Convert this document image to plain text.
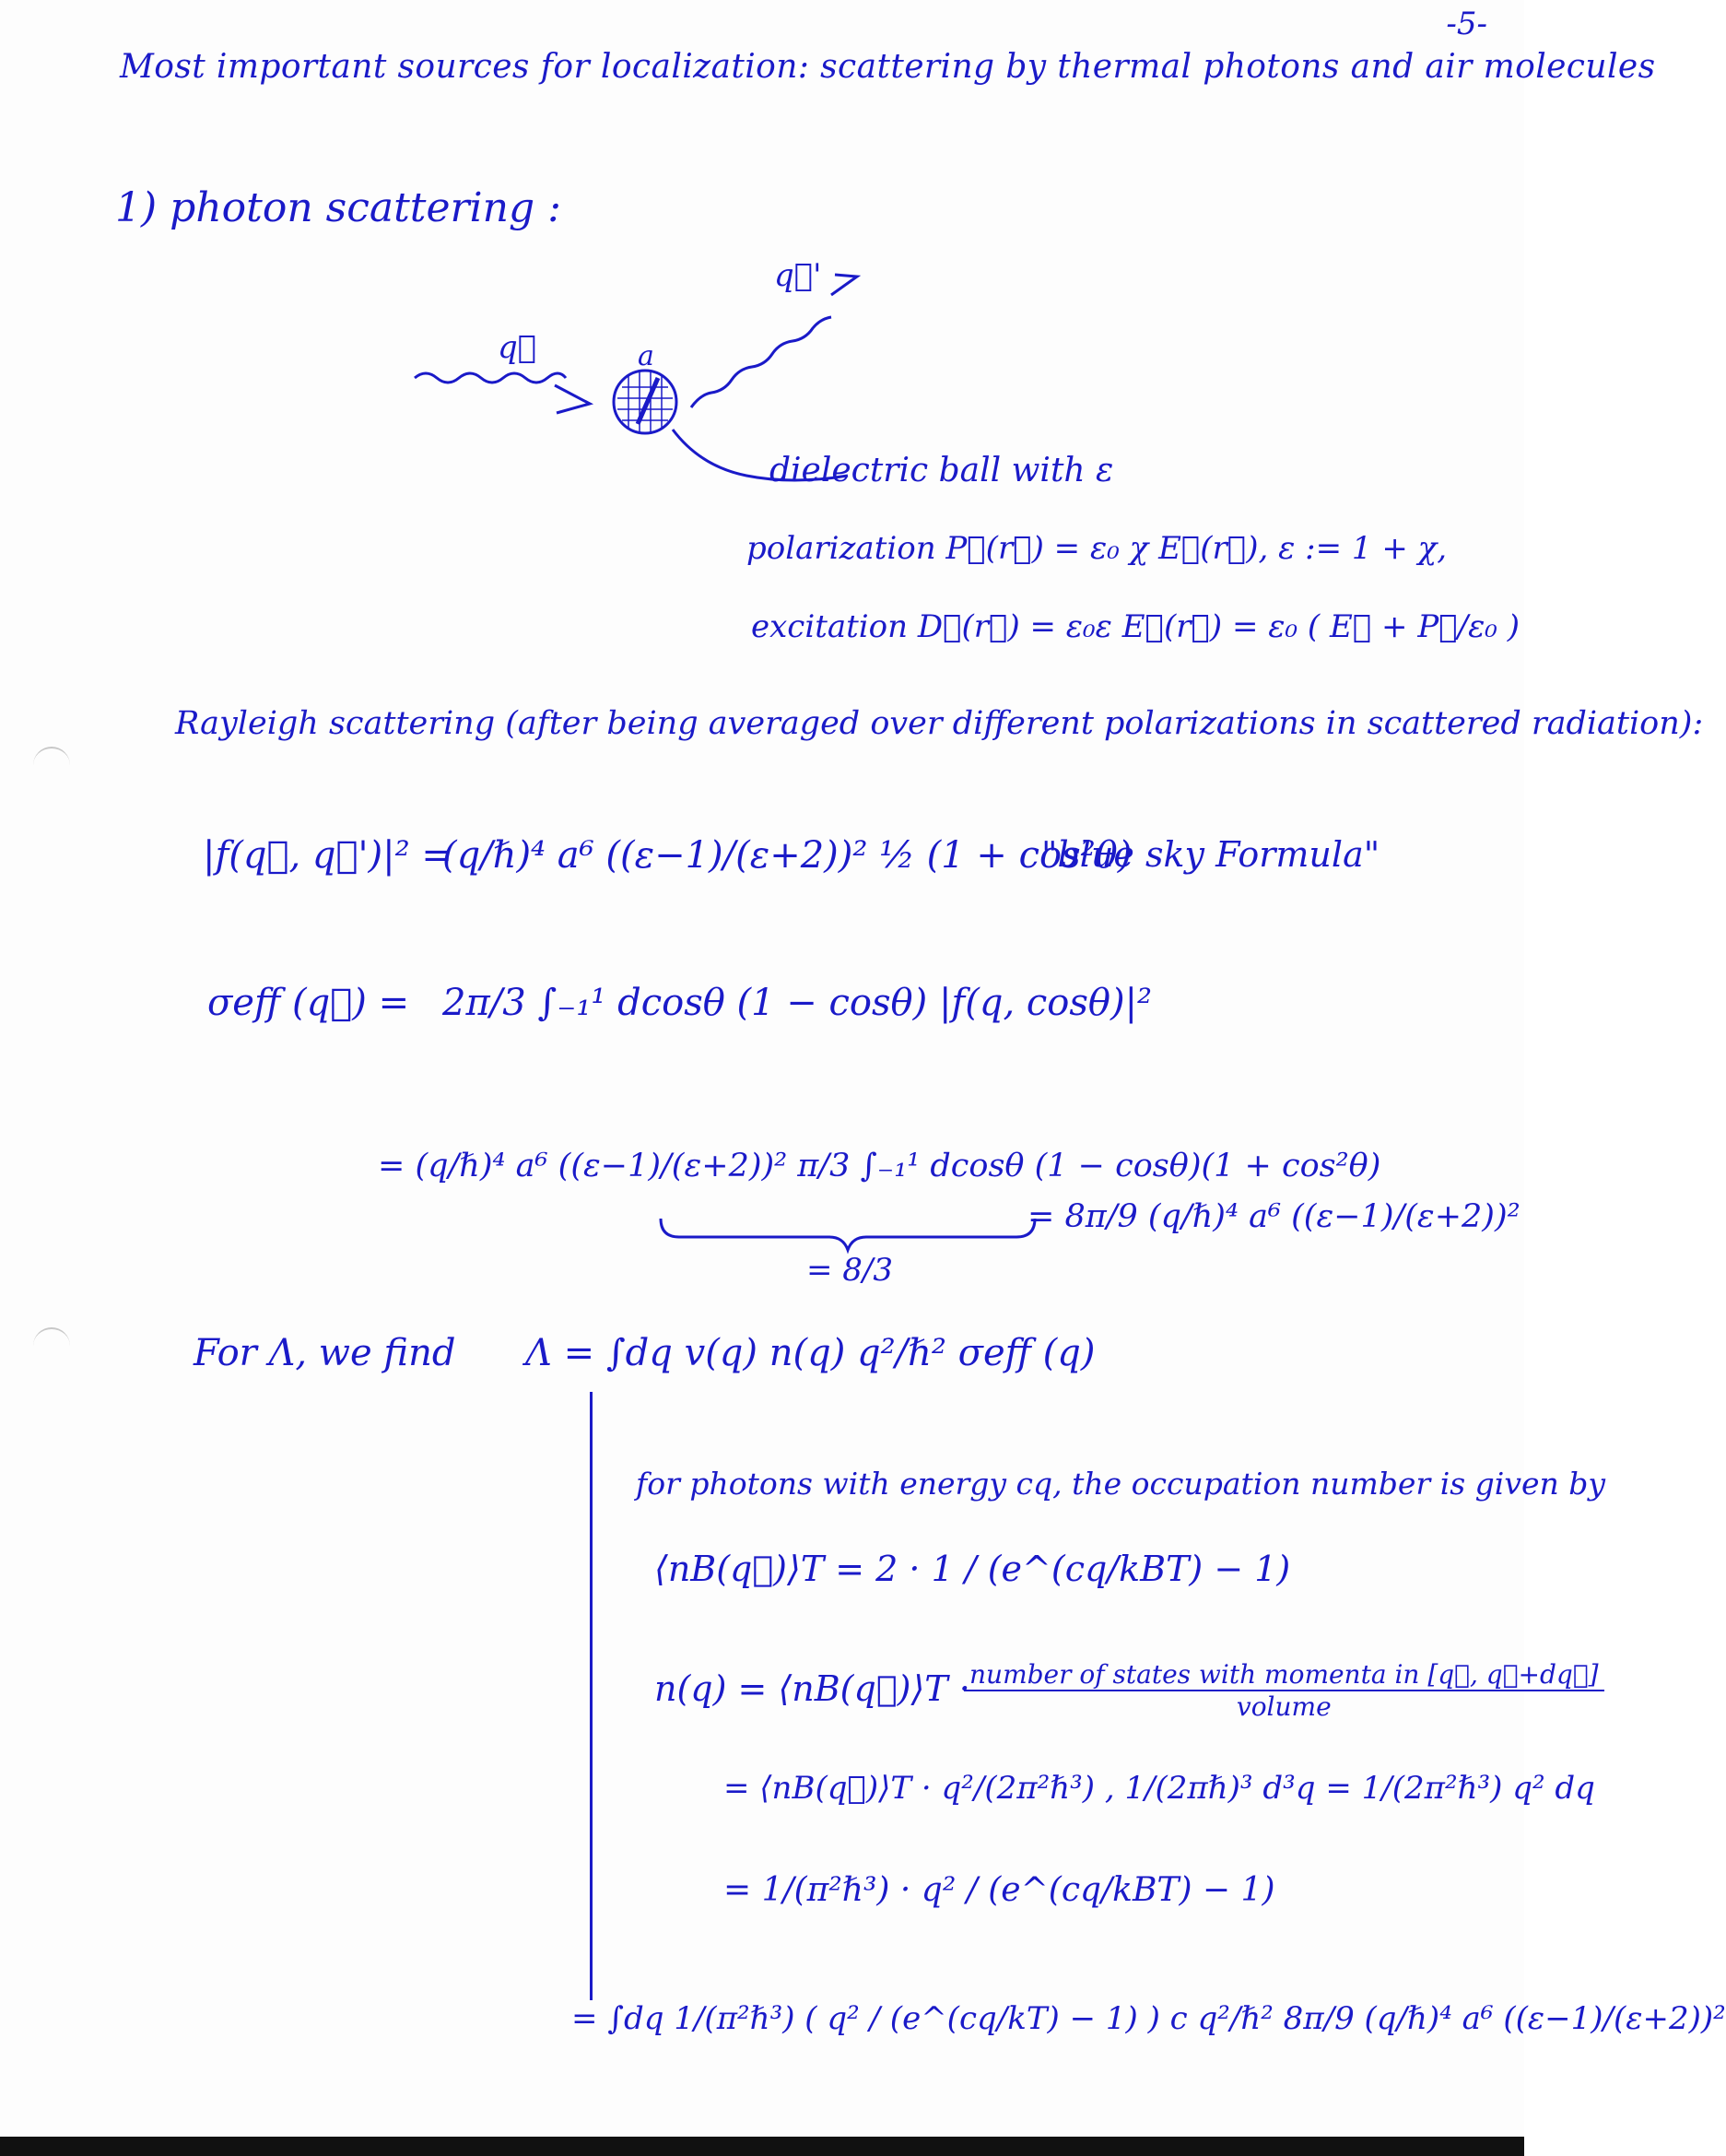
-5-
Most important sources for localization: scattering by thermal photons and air molecules
1) photon scattering :
q⃗
q⃗'
a
dielectric ball with ε
polarization P⃗(r⃗) = ε₀ χ E⃗(r⃗), ε := 1 + χ,
excitation D⃗(r⃗) = ε₀ε E⃗(r⃗) = ε₀ ( E⃗ + P⃗/ε₀ )
Rayleigh scattering (after being averaged over different polarizations in scattered radiation):
|f(q⃗, q⃗')|² =
(q/ℏ)⁴ a⁶ ((ε−1)/(ε+2))² ½ (1 + cos²θ)
"blue sky Formula"
σeff (q⃗) = 2π/3 ∫₋₁¹ dcosθ (1 − cosθ) |f(q, cosθ)|²
= (q/ℏ)⁴ a⁶ ((ε−1)/(ε+2))² π/3 ∫₋₁¹ dcosθ (1 − cosθ)(1 + cos²θ)
= 8/3
= 8π/9 (q/ℏ)⁴ a⁶ ((ε−1)/(ε+2))²
For Λ, we find Λ = ∫dq v(q) n(q) q²/ℏ² σeff (q)
for photons with energy cq, the occupation number is given by
⟨nB(q⃗)⟩T = 2 · 1 / (e^(cq/kBT) − 1)
n(q) = ⟨nB(q⃗)⟩T · number of states with momenta in [q⃗, q⃗+dq⃗]
volume
= ⟨nB(q⃗)⟩T · q²/(2π²ℏ³) , 1/(2πℏ)³ d³q = 1/(2π²ℏ³) q² dq
= 1/(π²ℏ³) · q² / (e^(cq/kBT) − 1)
= ∫dq 1/(π²ℏ³) ( q² / (e^(cq/kT) − 1) ) c q²/ℏ² 8π/9 (q/ℏ)⁴ a⁶ ((ε−1)/(ε+2))²
